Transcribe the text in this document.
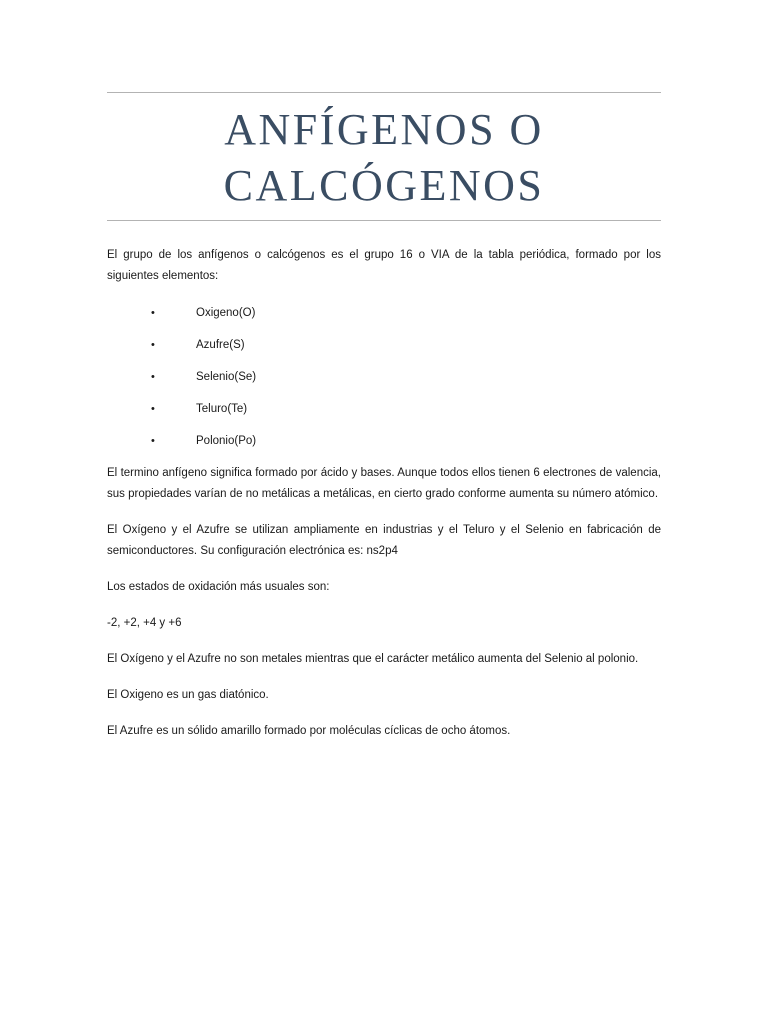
ANFÍGENOS O
CALCÓGENOS

El grupo de los anfígenos o calcógenos es el grupo 16 o VIA de la tabla periódica, formado por los siguientes elementos:

•	Oxigeno(O)
•	Azufre(S)
•	Selenio(Se)
•	Teluro(Te)
•	Polonio(Po)

El termino anfígeno significa formado por ácido y bases. Aunque todos ellos tienen 6 electrones de valencia, sus propiedades varían de no metálicas a metálicas, en cierto grado conforme aumenta su número atómico.

El Oxígeno y el Azufre se utilizan ampliamente en industrias y el Teluro y el Selenio en fabricación de semiconductores. Su configuración electrónica es: ns2p4

Los estados de oxidación más usuales son:

-2, +2, +4 y +6

El Oxígeno y el Azufre no son metales mientras que el carácter metálico aumenta del Selenio al polonio.

El Oxigeno es un gas diatónico.

El Azufre es un sólido amarillo formado por moléculas cíclicas de ocho átomos.
